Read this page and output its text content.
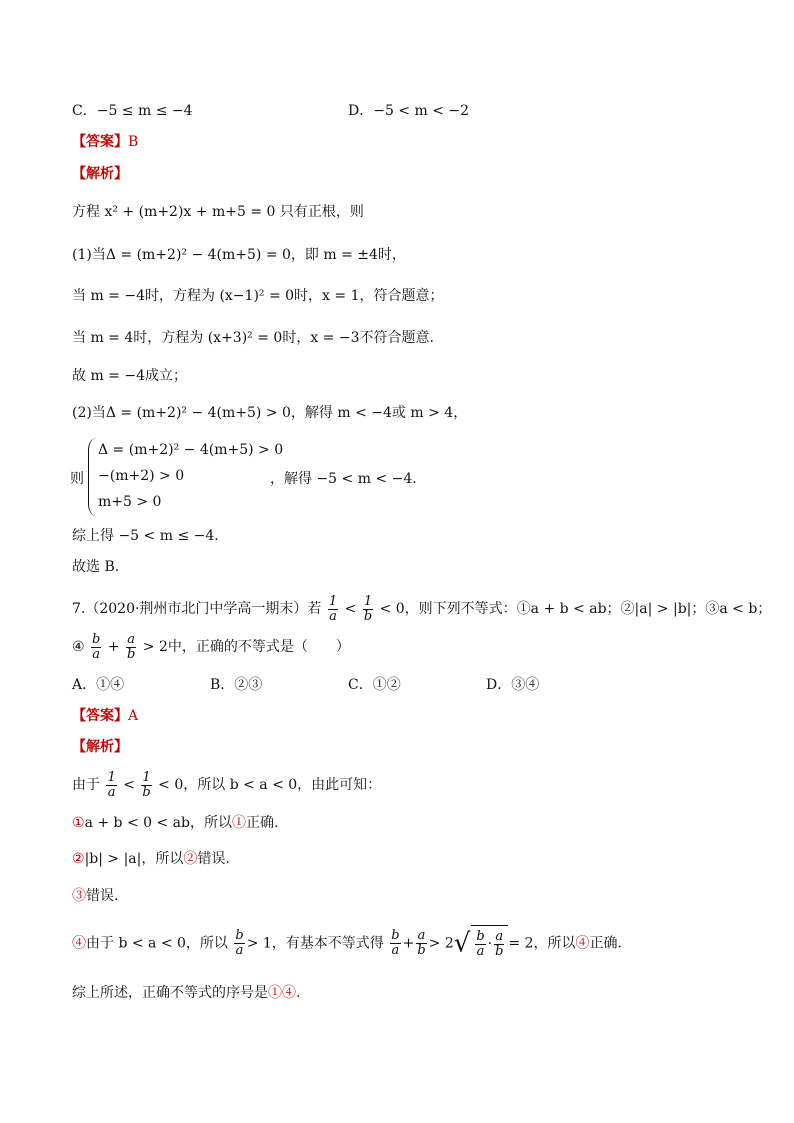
C．−5 ≤ m ≤ −4	D．−5 < m < −2
【答案】B
【解析】
方程 x² + (m+2)x + m+5 = 0 只有正根，则
(1)当Δ = (m+2)² − 4(m+5) = 0，即 m = ±4时，
当 m = −4时，方程为 (x−1)² = 0时，x = 1，符合题意；
当 m = 4时，方程为 (x+3)² = 0时，x = −3不符合题意.
故 m = −4成立；
(2)当Δ = (m+2)² − 4(m+5) > 0，解得 m < −4或 m > 4，
则
Δ = (m+2)² − 4(m+5) > 0
−(m+2) > 0
m+5 > 0
，解得 −5 < m < −4.
综上得 −5 < m ≤ −4.
故选 B.
7.（2020·荆州市北门中学高一期末）若 $\frac{1}{a} < \frac{1}{b} < 0$，则下列不等式：①a + b < ab；②|a| > |b|；③a < b；
④ $\frac{b}{a} + \frac{a}{b} > 2$中，正确的不等式是（　　）
A．①④	B．②③	C．①②	D．③④
【答案】A
【解析】
由于 $\frac{1}{a} < \frac{1}{b} < 0$，所以 b < a < 0，由此可知：
①a + b < 0 < ab，所以①正确.
②|b| > |a|，所以②错误.
③错误.
④由于 b < a < 0，所以 $\frac{b}{a} > 1$，有基本不等式得 $\frac{b}{a} + \frac{a}{b} > 2√ \frac{b}{a} \cdot \frac{a}{b} = 2$，所以④正确.
综上所述，正确不等式的序号是①④.
